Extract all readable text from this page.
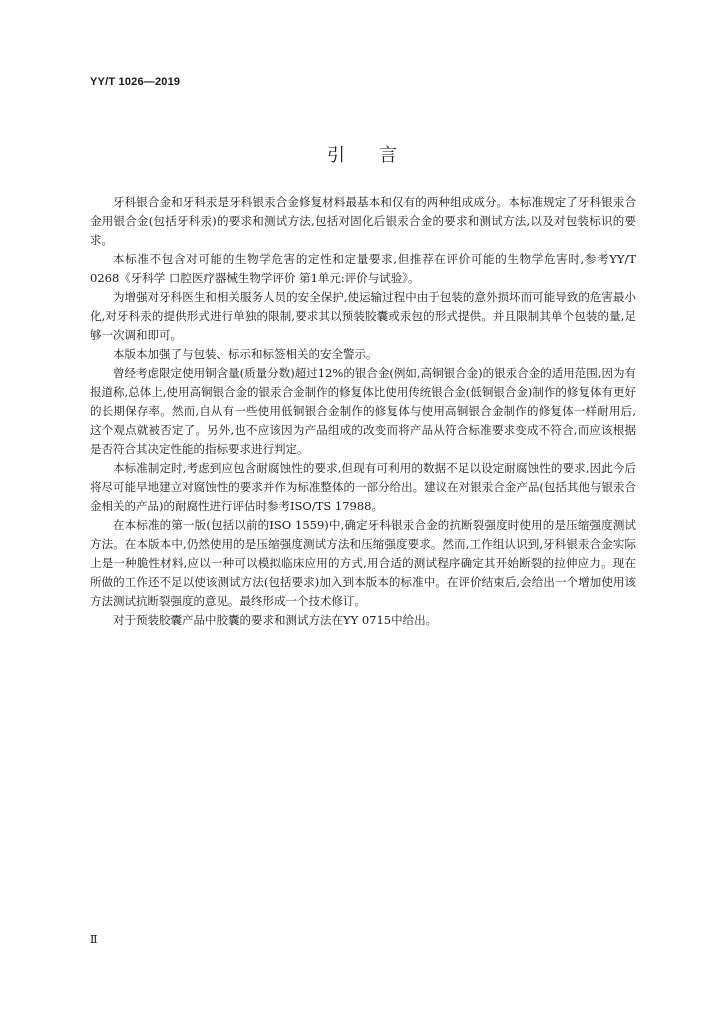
YY/T 1026—2019
引言

牙科银合金和牙科汞是牙科银汞合金修复材料最基本和仅有的两种组成成分。本标准规定了牙科银汞合金用银合金(包括牙科汞)的要求和测试方法,包括对固化后银汞合金的要求和测试方法,以及对包装标识的要求。

本标准不包含对可能的生物学危害的定性和定量要求,但推荐在评价可能的生物学危害时,参考YY/T 0268《牙科学 口腔医疗器械生物学评价 第1单元:评价与试验》。

为增强对牙科医生和相关服务人员的安全保护,使运输过程中由于包装的意外损坏而可能导致的危害最小化,对牙科汞的提供形式进行单独的限制,要求其以预装胶囊或汞包的形式提供。并且限制其单个包装的量,足够一次调和即可。

本版本加强了与包装、标示和标签相关的安全警示。

曾经考虑限定使用铜含量(质量分数)超过12%的银合金(例如,高铜银合金)的银汞合金的适用范围,因为有报道称,总体上,使用高铜银合金的银汞合金制作的修复体比使用传统银合金(低铜银合金)制作的修复体有更好的长期保存率。然而,自从有一些使用低铜银合金制作的修复体与使用高铜银合金制作的修复体一样耐用后,这个观点就被否定了。另外,也不应该因为产品组成的改变而将产品从符合标准要求变成不符合,而应该根据是否符合其决定性能的指标要求进行判定。

本标准制定时,考虑到应包含耐腐蚀性的要求,但现有可利用的数据不足以设定耐腐蚀性的要求,因此今后将尽可能早地建立对腐蚀性的要求并作为标准整体的一部分给出。建议在对银汞合金产品(包括其他与银汞合金相关的产品)的耐腐性进行评估时参考ISO/TS 17988。

在本标准的第一版(包括以前的ISO 1559)中,确定牙科银汞合金的抗断裂强度时使用的是压缩强度测试方法。在本版本中,仍然使用的是压缩强度测试方法和压缩强度要求。然而,工作组认识到,牙科银汞合金实际上是一种脆性材料,应以一种可以模拟临床应用的方式,用合适的测试程序确定其开始断裂的拉伸应力。现在所做的工作还不足以使该测试方法(包括要求)加入到本版本的标准中。在评价结束后,会给出一个增加使用该方法测试抗断裂强度的意见。最终形成一个技术修订。

对于预装胶囊产品中胶囊的要求和测试方法在YY 0715中给出。

Ⅱ
